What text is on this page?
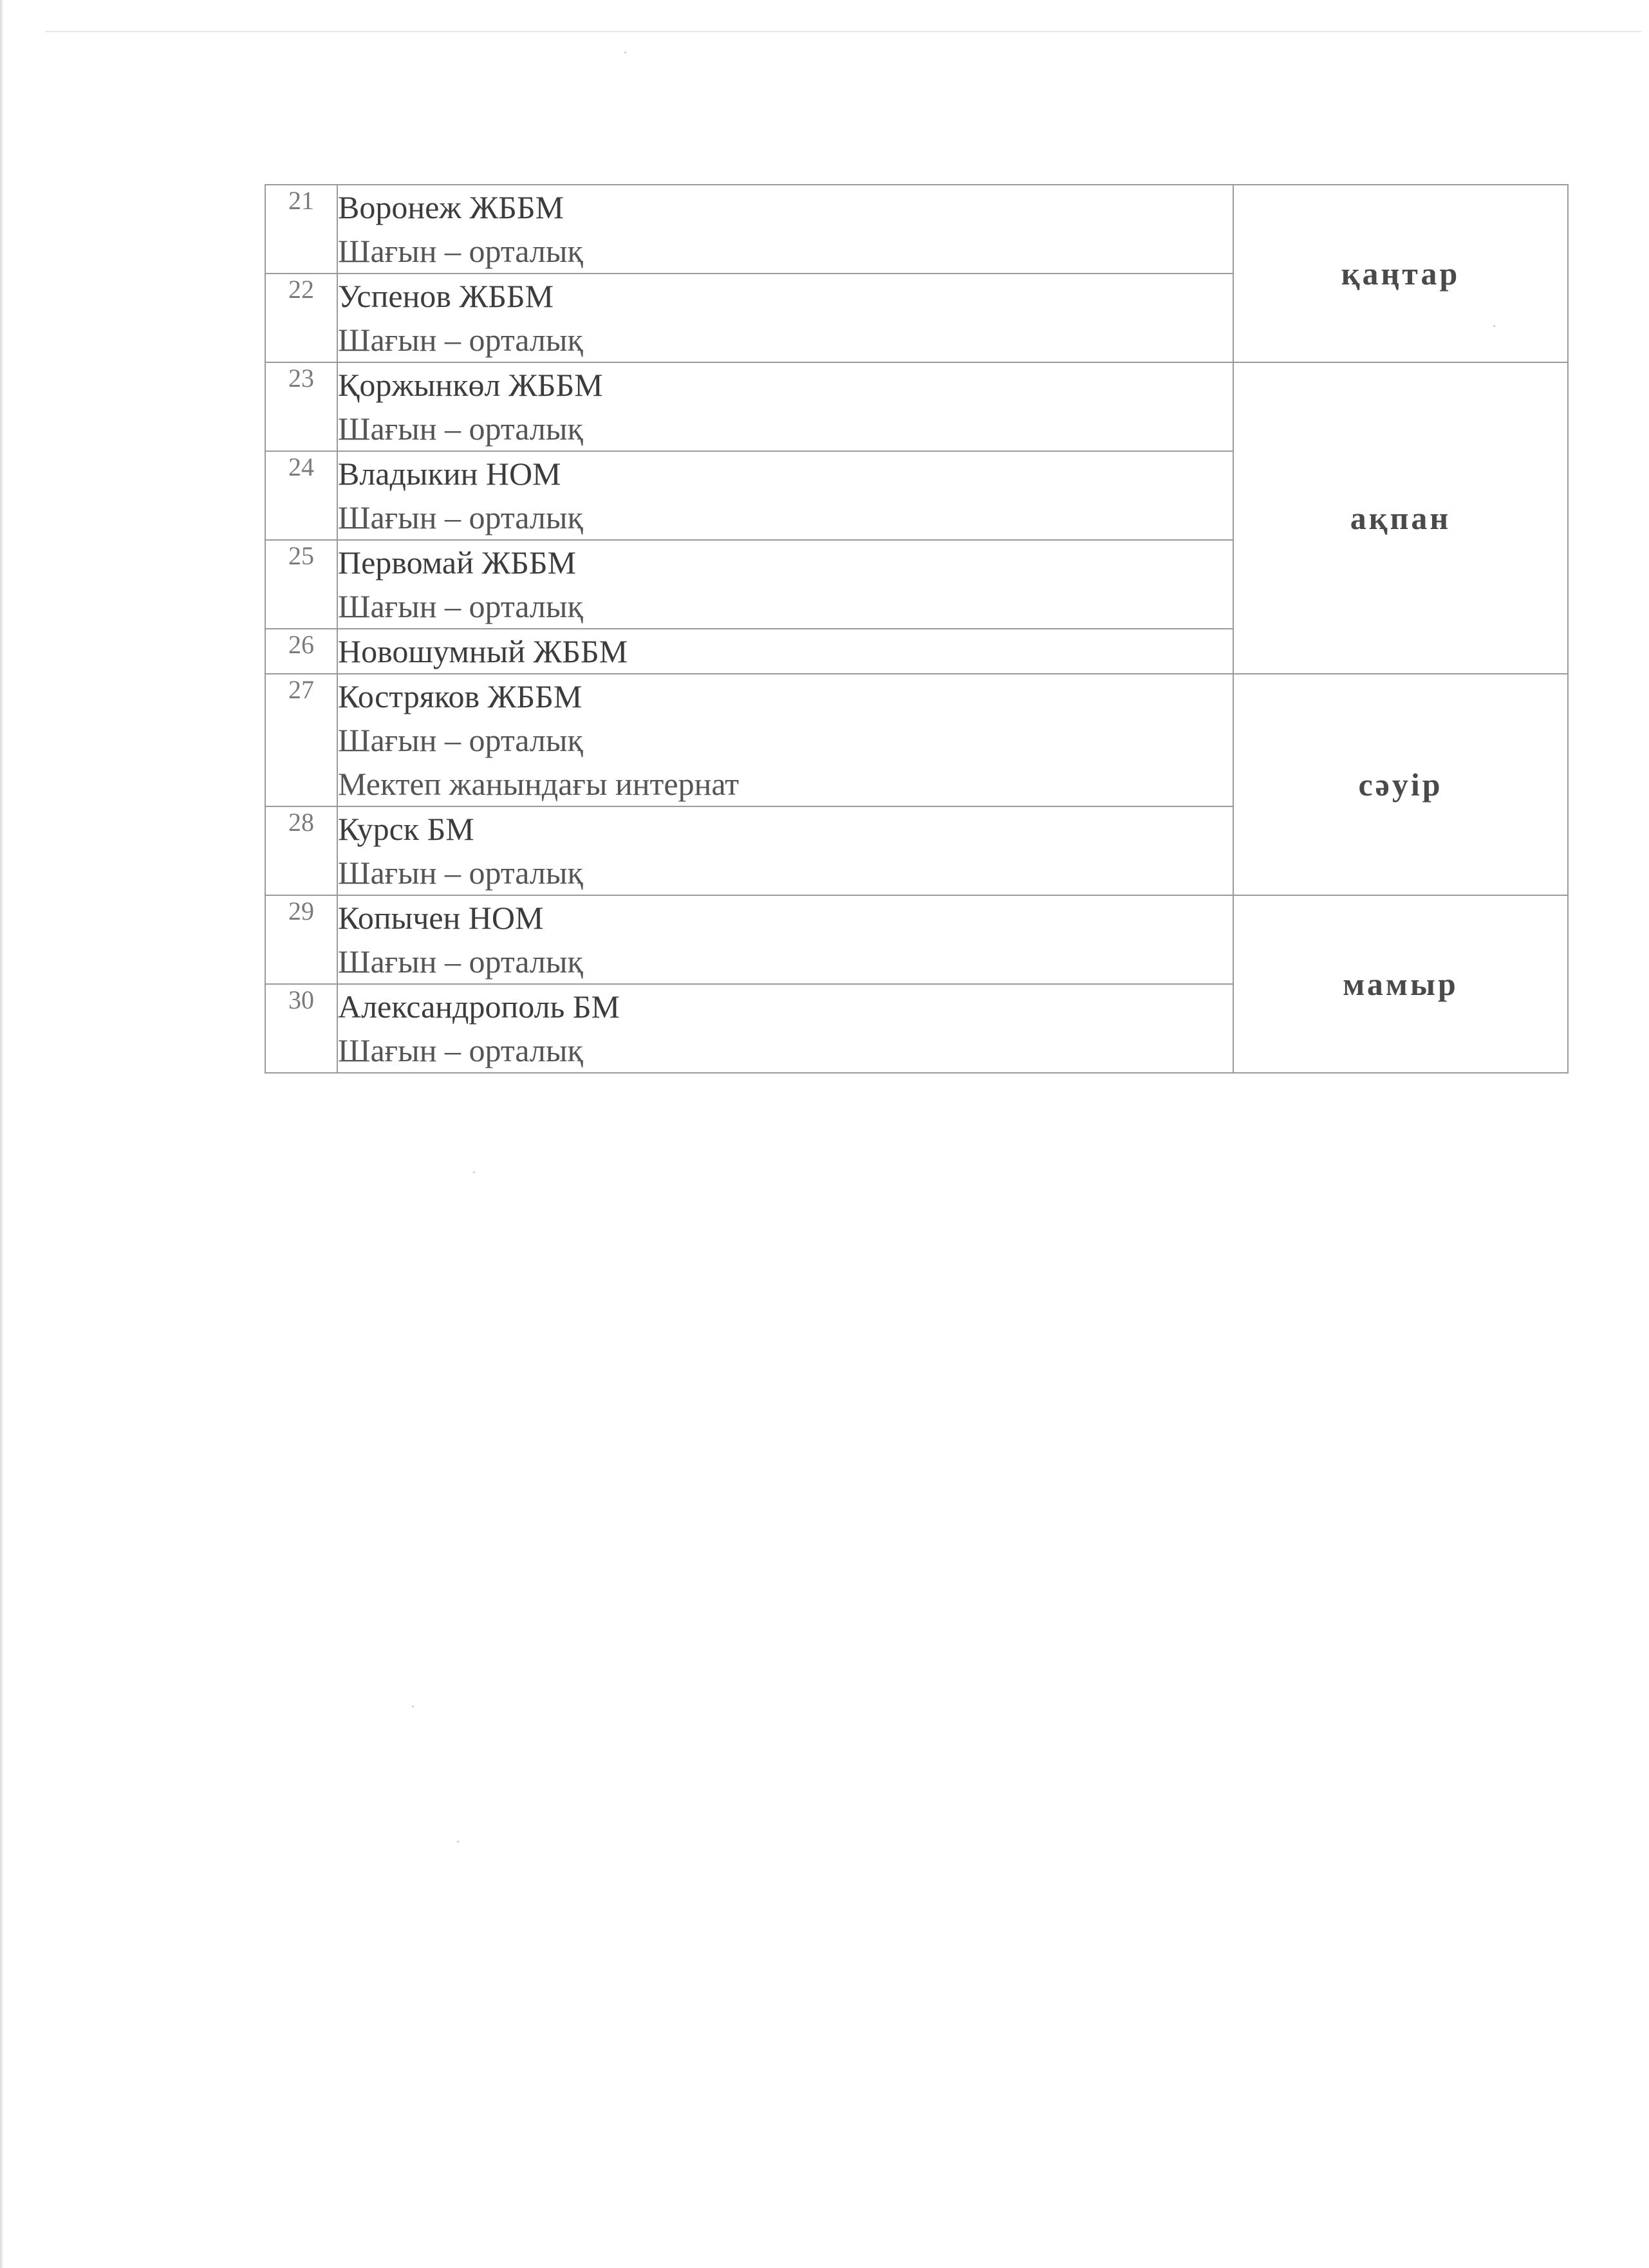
21	Воронеж ЖББМ
Шағын – орталық	қаңтар
22	Успенов ЖББМ
Шағын – орталық	

23	Қоржынкөл ЖББМ
Шағын – орталық	ақпан
24	Владыкин НОМ
Шағын – орталық	

25	Первомай ЖББМ
Шағын – орталық	

26	Новошумный ЖББМ	

27	Костряков ЖББМ
Шағын – орталық
Мектеп жанындағы интернат	сәуір
28	Курск БМ
Шағын – орталық	

29	Копычен НОМ
Шағын – орталық	мамыр
30	Александрополь БМ
Шағын – орталық	
